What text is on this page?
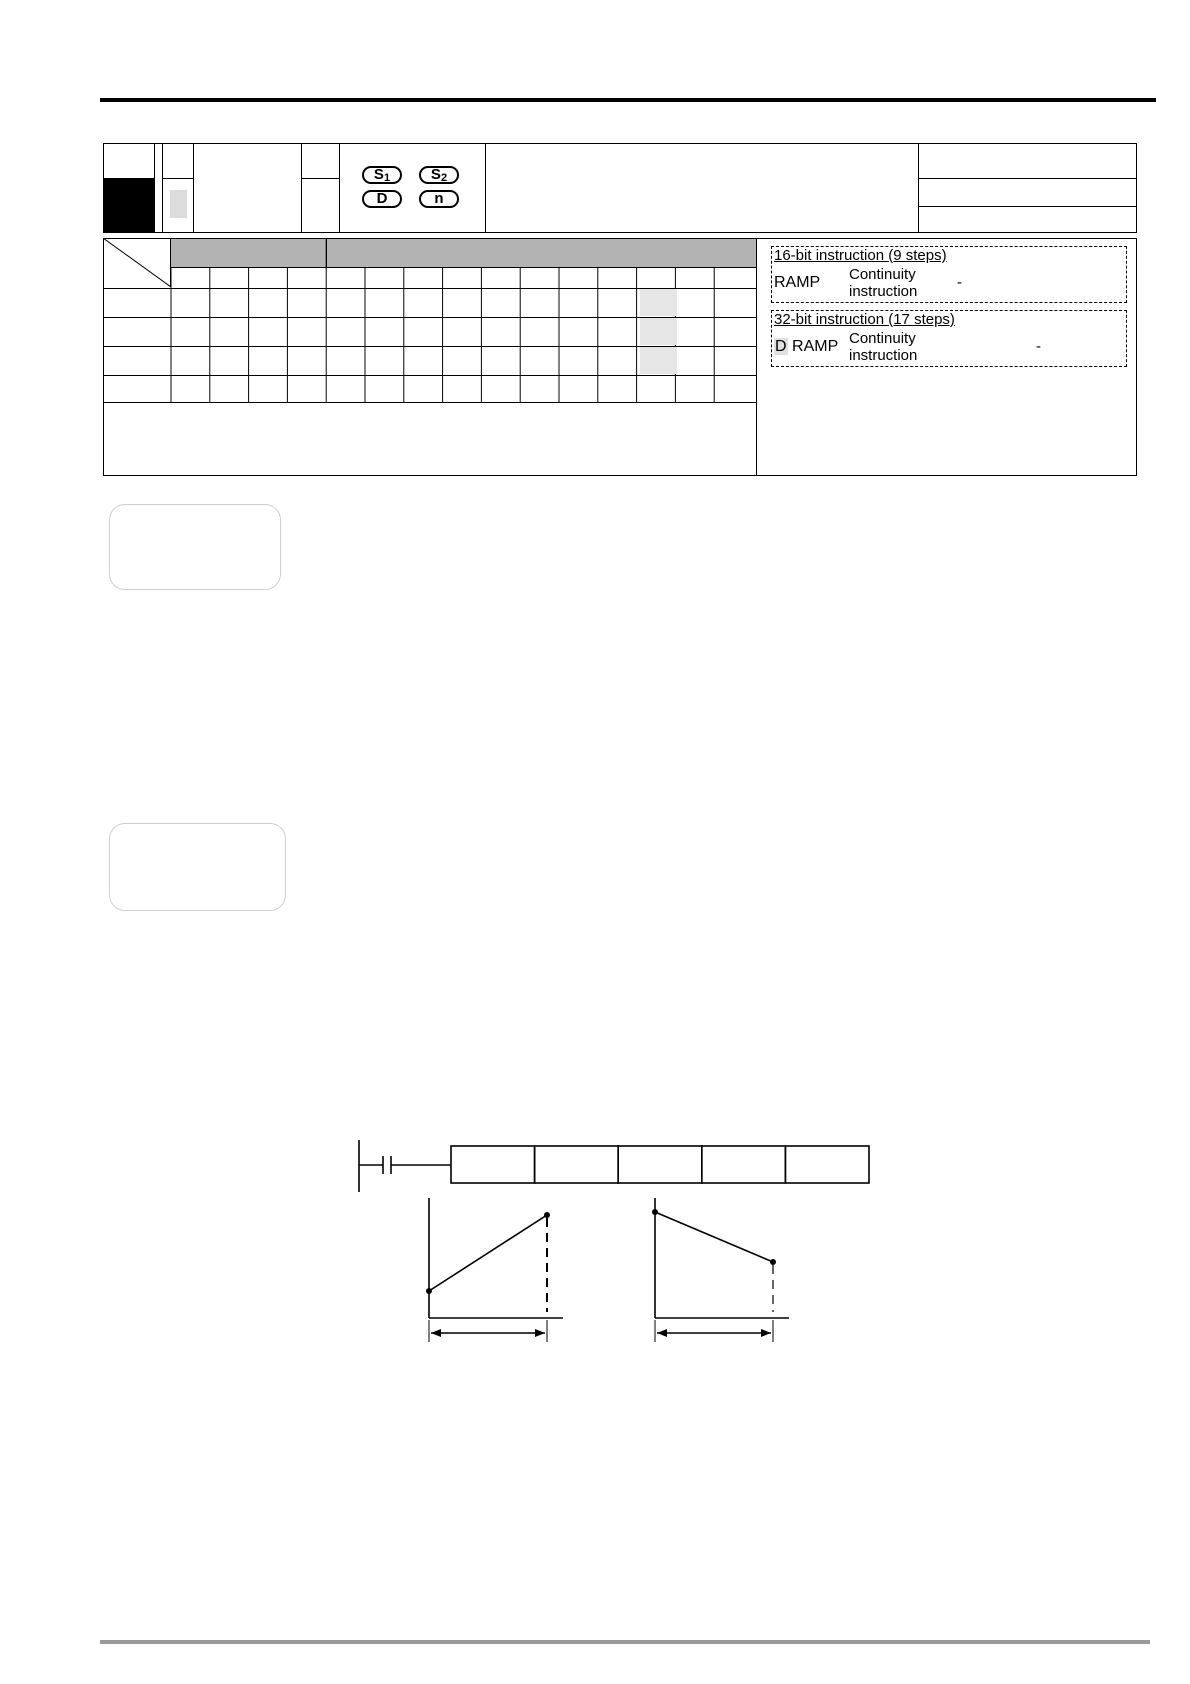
$S_1$	$S_2$
D	n
16-bit instruction (9 steps)
RAMP Continuity instruction
-
32-bit instruction (17 steps)
D RAMP Continuity instruction
-
